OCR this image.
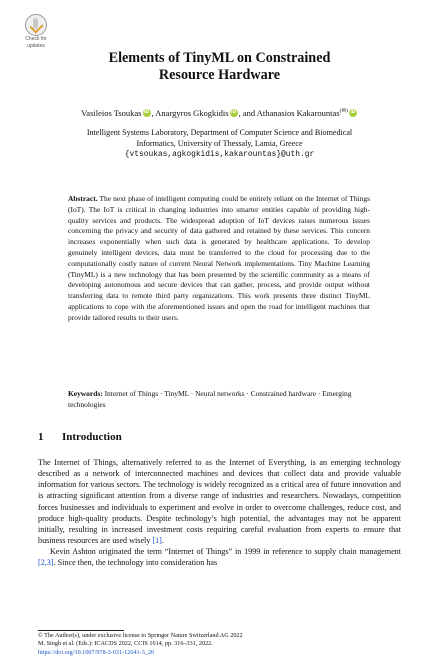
Check for
updates
Elements of TinyML on Constrained
Resource Hardware
Vasileios Tsoukas iD , Anargyros Gkogkidis iD , and Athanasios Kakarountas(✉)iD
Intelligent Systems Laboratory, Department of Computer Science and Biomedical
Informatics, University of Thessaly, Lamia, Greece
{vtsoukas,agkogkidis,kakarountas}@uth.gr
Abstract. The next phase of intelligent computing could be entirely reliant on the Internet of Things (IoT). The IoT is critical in changing industries into smarter entities capable of providing high-quality services and products. The widespread adoption of IoT devices raises numerous issues concerning the privacy and security of data gathered and retained by these services. This concern increases exponentially when such data is generated by healthcare applications. To develop genuinely intelligent devices, data must be transferred to the cloud for processing due to the computationally costly nature of current Neural Network implementations. Tiny Machine Learning (TinyML) is a new technology that has been presented by the scientific community as a means of developing autonomous and secure devices that can gather, process, and provide output without transferring data to remote third party organizations. This work presents three distinct TinyML applications to cope with the aforementioned issues and open the road for intelligent machines that provide tailored results to their users.
Keywords: Internet of Things · TinyML · Neural networks · Constrained hardware · Emerging technologies
1 Introduction

The Internet of Things, alternatively referred to as the Internet of Everything, is an emerging technology described as a network of interconnected machines and devices that collect data and provide valuable information for various sectors. The technology is widely recognized as a critical area of future innovation and is attracting significant attention from a diverse range of industries and researchers. Nowadays, competition forces businesses and individuals to experiment and evolve in order to overcome challenges, reduce cost, and produce high-quality products. Despite technology’s high potential, the advantages may not be apparent initially, resulting in increased investment costs requiring careful evaluation from experts to ensure that business resources are used wisely [1].

Kevin Ashton originated the term “Internet of Things” in 1999 in reference to supply chain management [2,3]. Since then, the technology into consideration has

© The Author(s), under exclusive license to Springer Nature Switzerland AG 2022
M. Singh et al. (Eds.): ICACDS 2022, CCIS 1614, pp. 316–331, 2022.
https://doi.org/10.1007/978-3-031-12641-3_26
